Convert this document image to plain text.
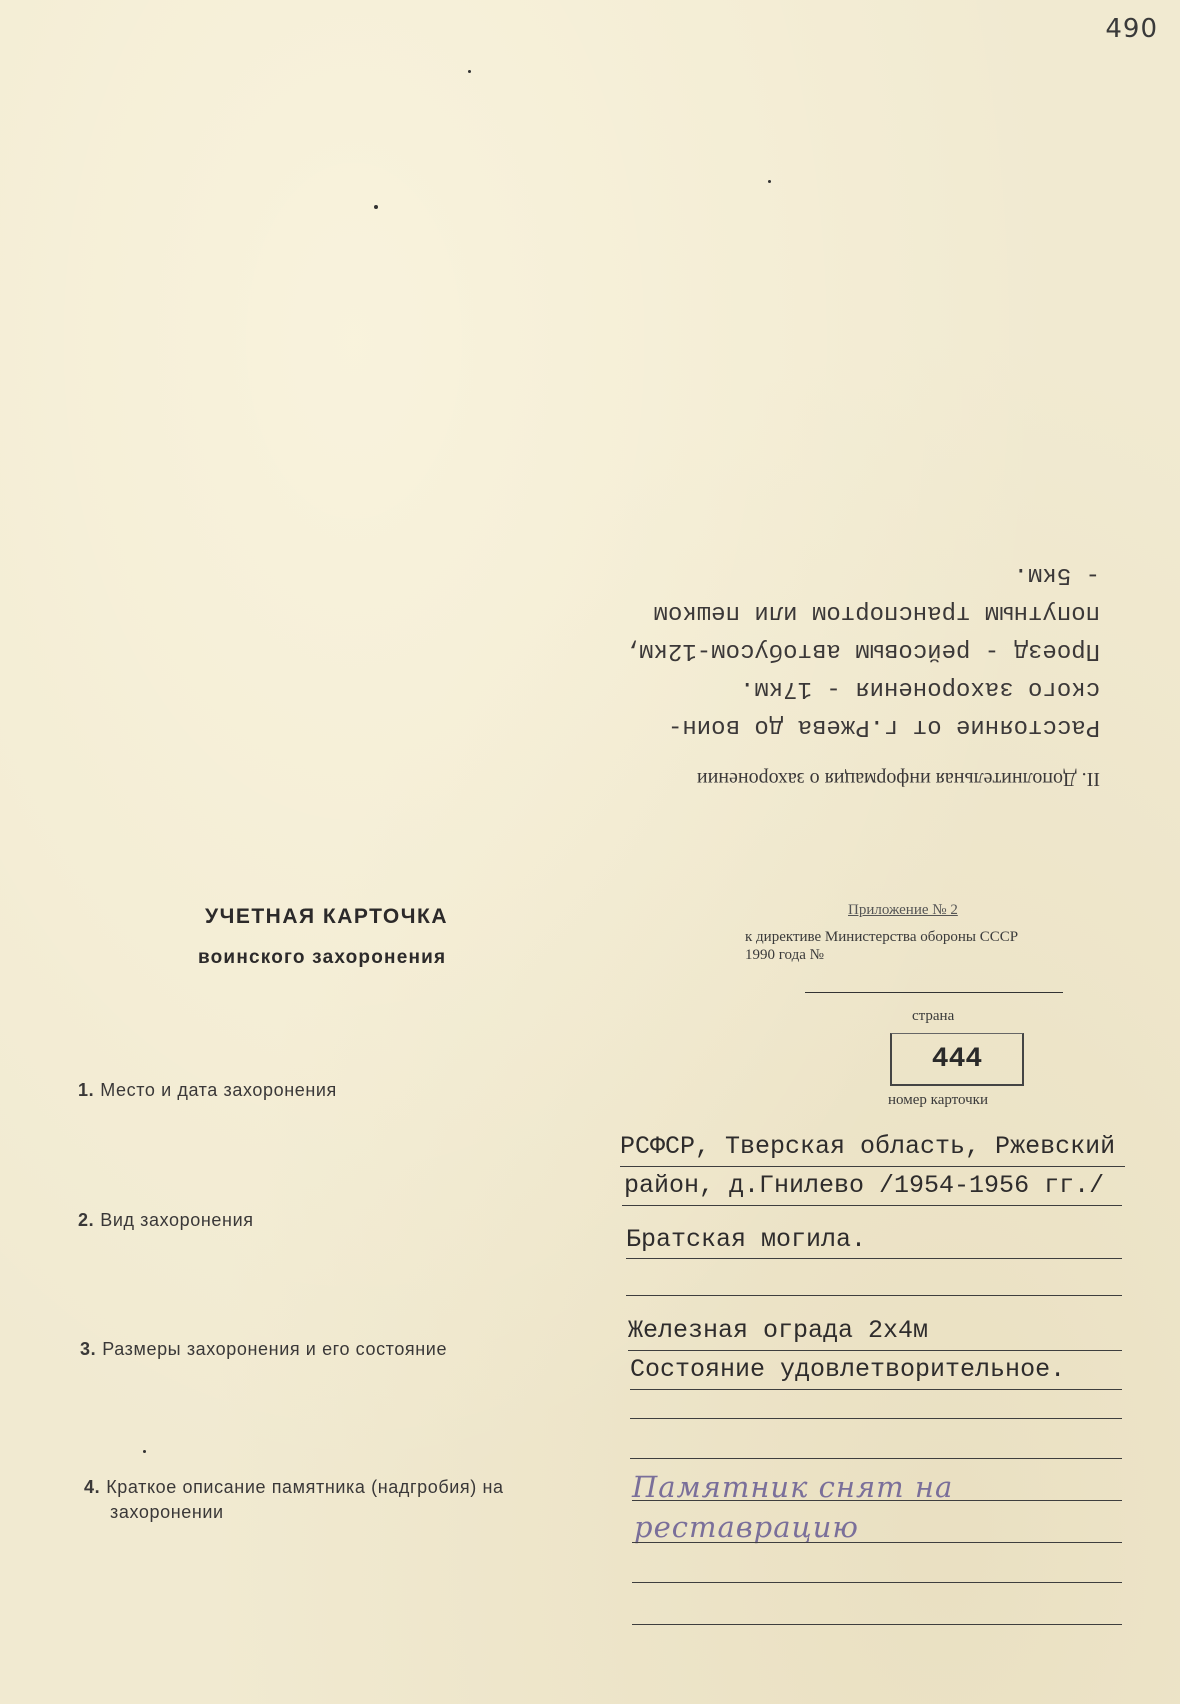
490
II. Дополнительная информация о захоронении
Расстояние от г.Ржева до воин-
ского захоронения - 17км.
Проезд - рейсовым автобусом-12км,
попутным транспортом или пешком
- 5км.
УЧЕТНАЯ КАРТОЧКА
воинского захоронения
Приложение № 2
к директиве Министерства обороны СССР
1990 года №
страна
444
номер карточки
1. Место и дата захоронения
РСФСР, Тверская область, Ржевский
район, д.Гнилево /1954-1956 гг./
2. Вид захоронения
Братская могила.
3. Размеры захоронения и его состояние
Железная ограда 2х4м
Состояние удовлетворительное.
4. Краткое описание памятника (надгробия) на
захоронении
Памятник снят на
реставрацию
